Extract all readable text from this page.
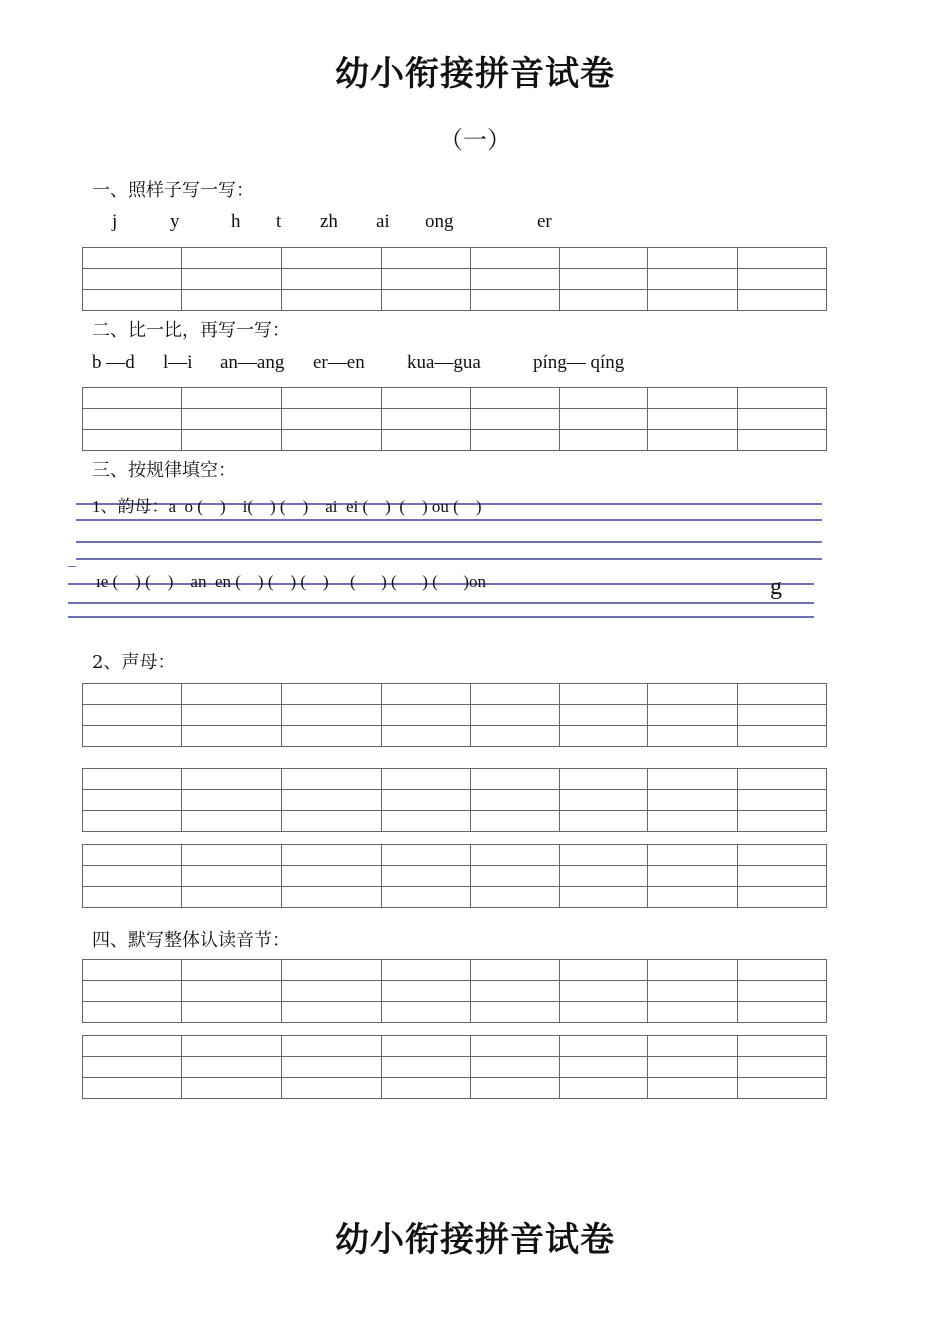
幼小衔接拼音试卷
（一）
一、照样子写一写：
j	y	h t zh ai ong	er

二、比一比，再写一写：
b —d l—i an—ang er—en kua—gua	píng— qíng

三、按规律填空：
1、韵母：a  o (    )    i(    ) (    )    ai  ei (    )  (    ) ou (    )
ıe (    ) (    )    an  en (    ) (    ) (    )     (      ) (      ) (      )on	g
2、声母：

四、默写整体认读音节：

幼小衔接拼音试卷
